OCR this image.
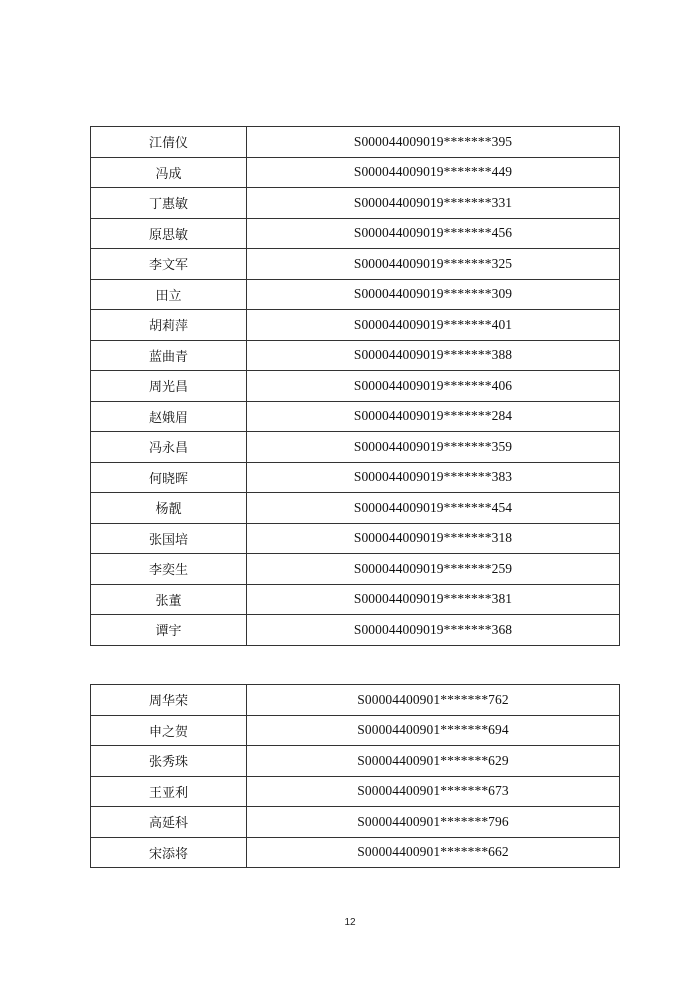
江倩仪	S000044009019*******395
冯成	S000044009019*******449
丁惠敏	S000044009019*******331
原思敏	S000044009019*******456
李文军	S000044009019*******325
田立	S000044009019*******309
胡莉萍	S000044009019*******401
蓝曲青	S000044009019*******388
周光昌	S000044009019*******406
赵娥眉	S000044009019*******284
冯永昌	S000044009019*******359
何晓晖	S000044009019*******383
杨靓	S000044009019*******454
张国培	S000044009019*******318
李奕生	S000044009019*******259
张董	S000044009019*******381
谭宇	S000044009019*******368
周华荣	S00004400901*******762
申之贺	S00004400901*******694
张秀珠	S00004400901*******629
王亚利	S00004400901*******673
高延科	S00004400901*******796
宋添将	S00004400901*******662
12
